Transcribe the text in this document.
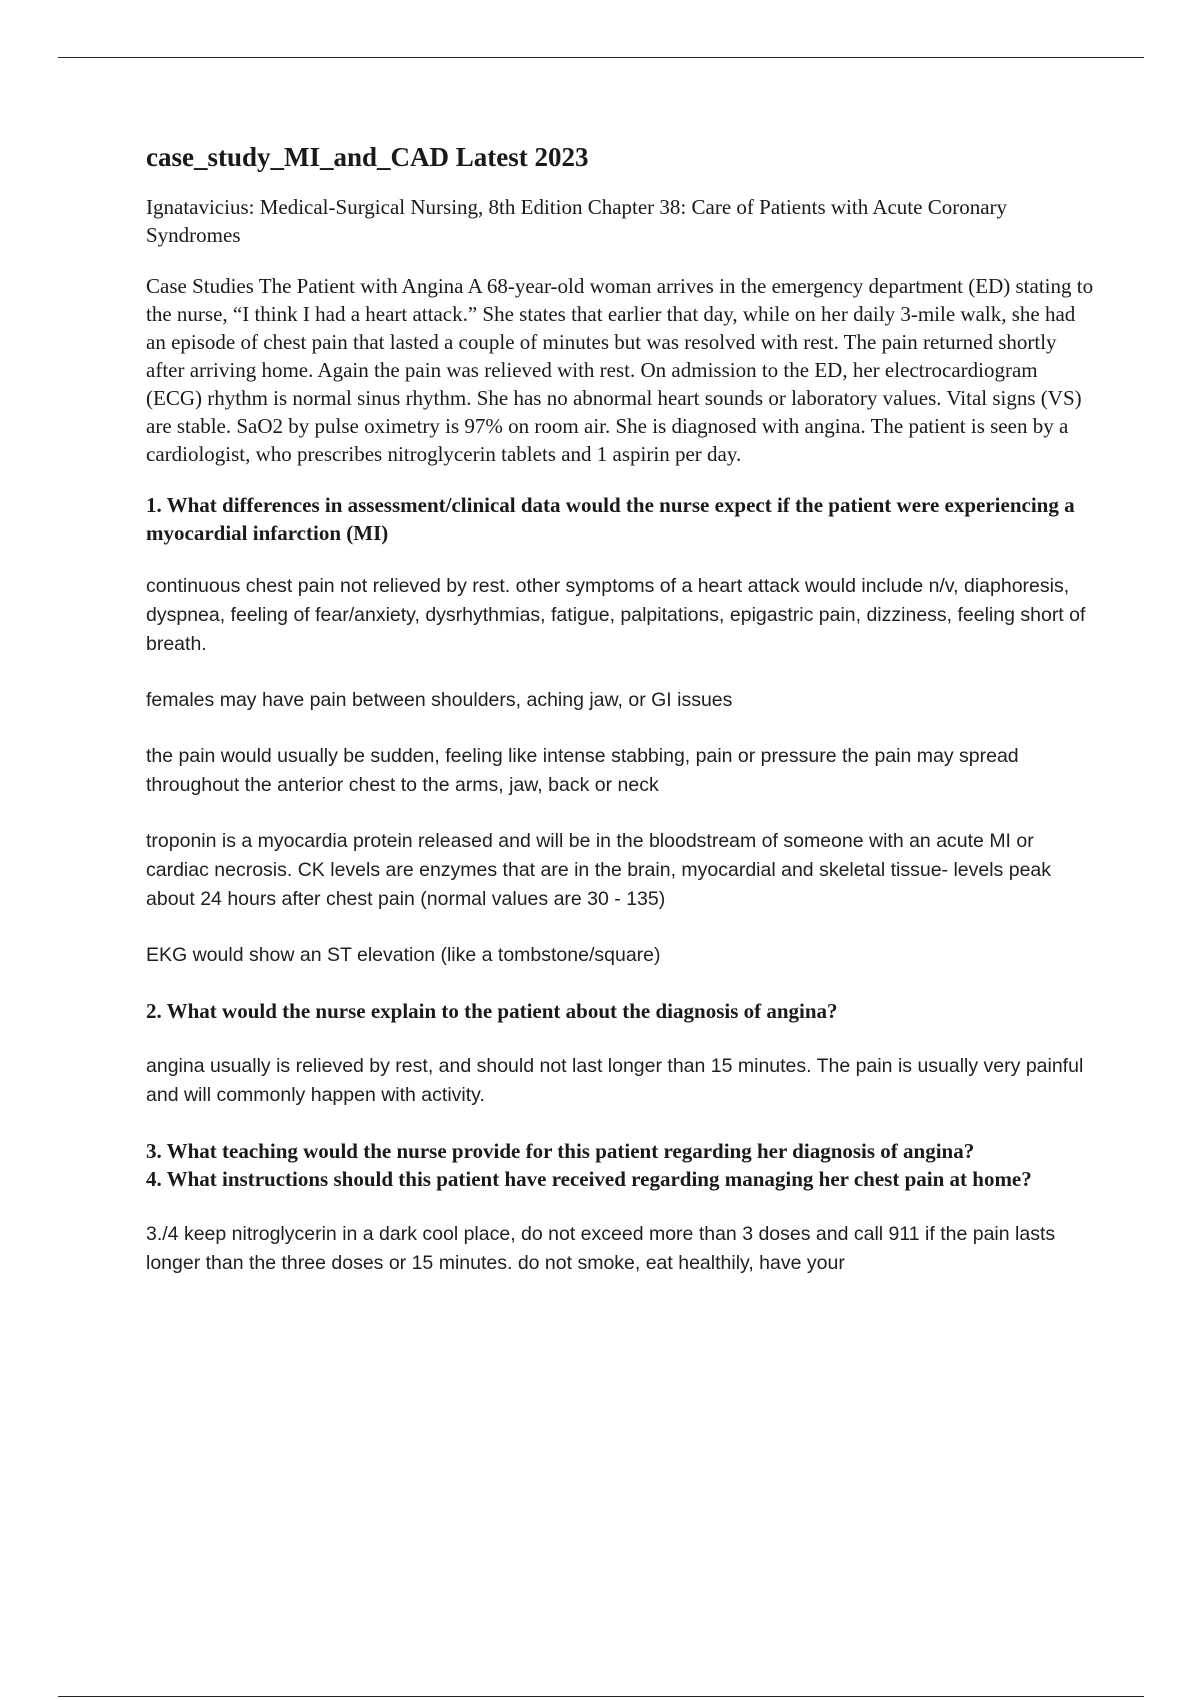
case_study_MI_and_CAD Latest 2023

Ignatavicius: Medical-Surgical Nursing, 8th Edition Chapter 38: Care of Patients with Acute Coronary Syndromes

Case Studies The Patient with Angina A 68-year-old woman arrives in the emergency department (ED) stating to the nurse, “I think I had a heart attack.” She states that earlier that day, while on her daily 3-mile walk, she had an episode of chest pain that lasted a couple of minutes but was resolved with rest. The pain returned shortly after arriving home. Again the pain was relieved with rest. On admission to the ED, her electrocardiogram (ECG) rhythm is normal sinus rhythm. She has no abnormal heart sounds or laboratory values. Vital signs (VS) are stable. SaO2 by pulse oximetry is 97% on room air. She is diagnosed with angina. The patient is seen by a cardiologist, who prescribes nitroglycerin tablets and 1 aspirin per day.

1. What differences in assessment/clinical data would the nurse expect if the patient were experiencing a myocardial infarction (MI)

continuous chest pain not relieved by rest. other symptoms of a heart attack would include n/v, diaphoresis, dyspnea, feeling of fear/anxiety, dysrhythmias, fatigue, palpitations, epigastric pain, dizziness, feeling short of breath.

females may have pain between shoulders, aching jaw, or GI issues

the pain would usually be sudden, feeling like intense stabbing, pain or pressure the pain may spread throughout the anterior chest to the arms, jaw, back or neck

troponin is a myocardia protein released and will be in the bloodstream of someone with an acute MI or cardiac necrosis. CK levels are enzymes that are in the brain, myocardial and skeletal tissue- levels peak about 24 hours after chest pain (normal values are 30 - 135)

EKG would show an ST elevation (like a tombstone/square)

2. What would the nurse explain to the patient about the diagnosis of angina?

angina usually is relieved by rest, and should not last longer than 15 minutes. The pain is usually very painful and will commonly happen with activity.

3. What teaching would the nurse provide for this patient regarding her diagnosis of angina?

4. What instructions should this patient have received regarding managing her chest pain at home?

3./4 keep nitroglycerin in a dark cool place, do not exceed more than 3 doses and call 911 if the pain lasts longer than the three doses or 15 minutes. do not smoke, eat healthily, have your
